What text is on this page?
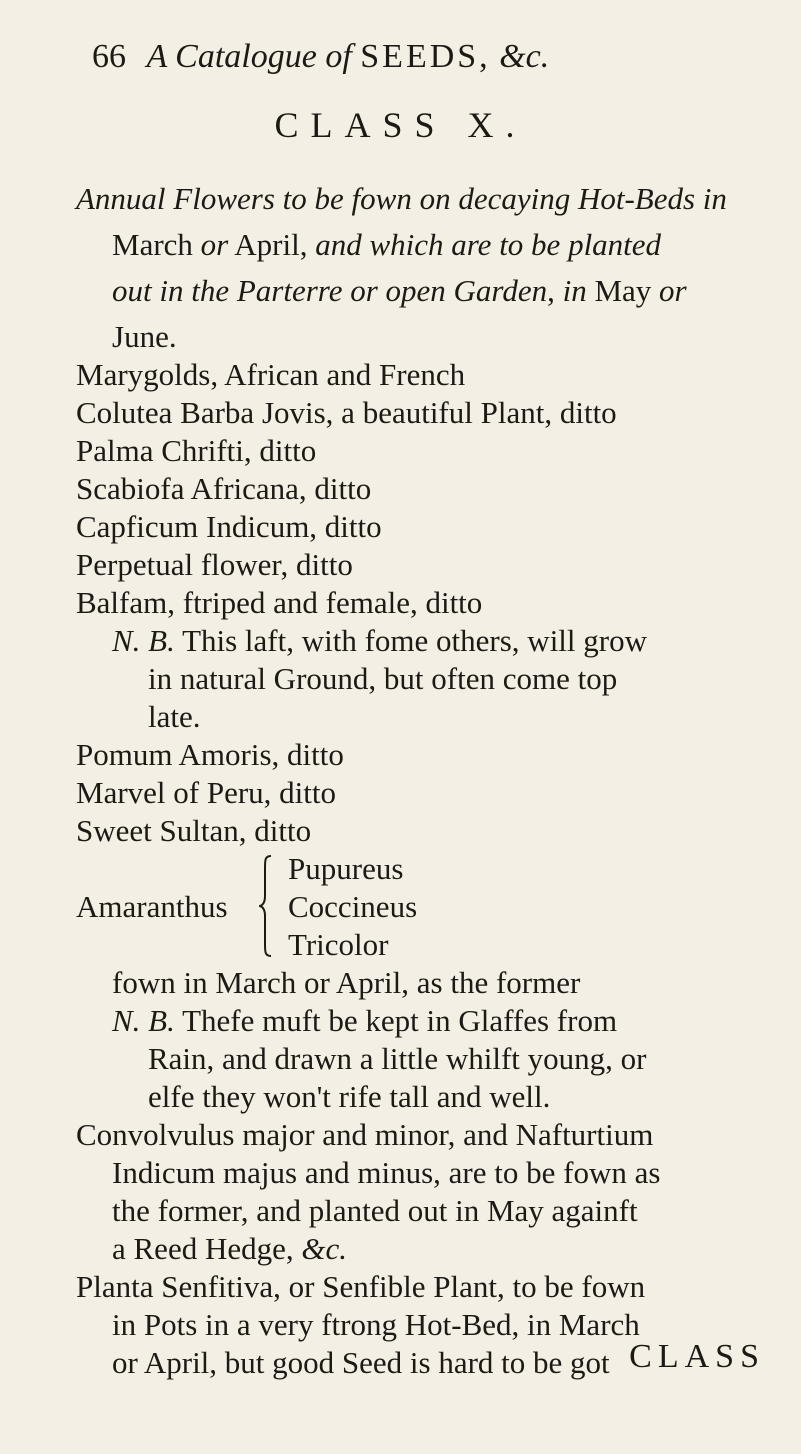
66 A Catalogue of SEEDS, &c.
CLASS X.
Annual Flowers to be fown on decaying Hot-Beds in
March or April, and which are to be planted
out in the Parterre or open Garden, in May or
June.
Marygolds, African and French
Colutea Barba Jovis, a beautiful Plant, ditto
Palma Chrifti, ditto
Scabiofa Africana, ditto
Capficum Indicum, ditto
Perpetual flower, ditto
Balfam, ftriped and female, ditto
N. B. This laft, with fome others, will grow
in natural Ground, but often come top
late.
Pomum Amoris, ditto
Marvel of Peru, ditto
Sweet Sultan, ditto
Amaranthus
Pupureus
Coccineus
Tricolor
fown in March or April, as the former
N. B. Thefe muft be kept in Glaffes from
Rain, and drawn a little whilft young, or
elfe they won't rife tall and well.
Convolvulus major and minor, and Nafturtium
Indicum majus and minus, are to be fown as
the former, and planted out in May againft
a Reed Hedge, &c.
Planta Senfitiva, or Senfible Plant, to be fown
in Pots in a very ftrong Hot-Bed, in March
or April, but good Seed is hard to be got CLASS
